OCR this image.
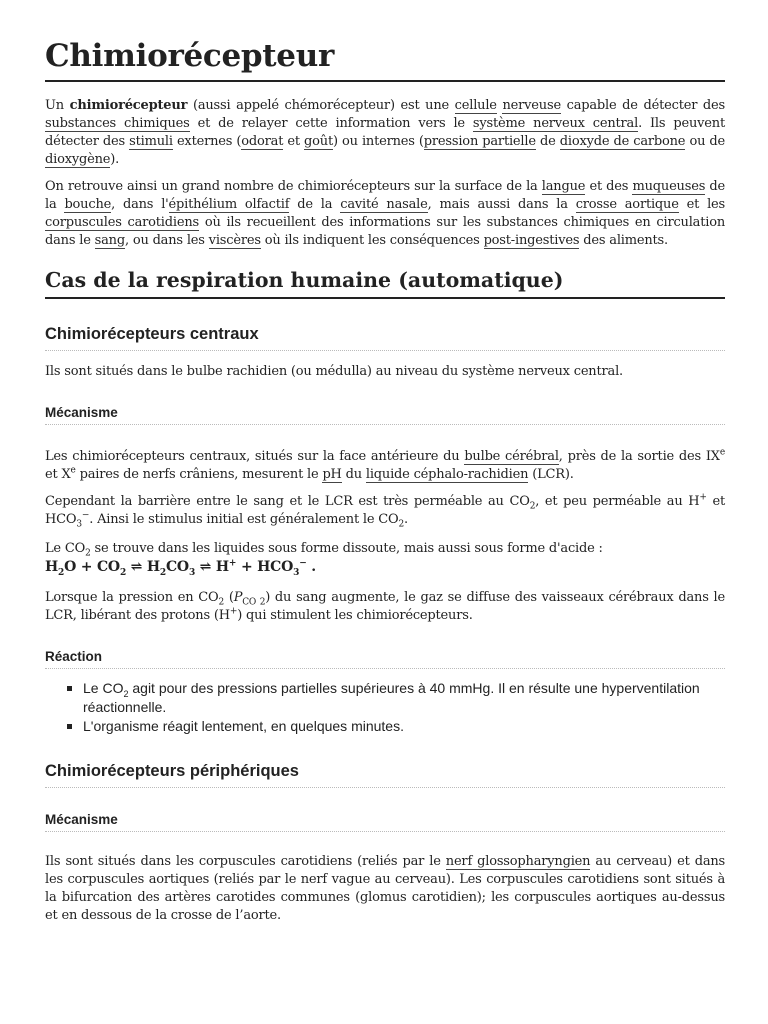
Chimiorécepteur

Un chimiorécepteur (aussi appelé chémorécepteur) est une cellule nerveuse capable de détecter des substances chimiques et de relayer cette information vers le système nerveux central. Ils peuvent détecter des stimuli externes (odorat et goût) ou internes (pression partielle de dioxyde de carbone ou de dioxygène).

On retrouve ainsi un grand nombre de chimiorécepteurs sur la surface de la langue et des muqueuses de la bouche, dans l'épithélium olfactif de la cavité nasale, mais aussi dans la crosse aortique et les corpuscules carotidiens où ils recueillent des informations sur les substances chimiques en circulation dans le sang, ou dans les viscères où ils indiquent les conséquences post-ingestives des aliments.

Cas de la respiration humaine (automatique)
Chimiorécepteurs centraux

Ils sont situés dans le bulbe rachidien (ou médulla) au niveau du système nerveux central.

Mécanisme

Les chimiorécepteurs centraux, situés sur la face antérieure du bulbe cérébral, près de la sortie des IXe et Xe paires de nerfs crâniens, mesurent le pH du liquide céphalo-rachidien (LCR).

Cependant la barrière entre le sang et le LCR est très perméable au $CO_2$, et peu perméable au H+ et $HCO_3^-$. Ainsi le stimulus initial est généralement le $CO_2$.

Le $CO_2$ se trouve dans les liquides sous forme dissoute, mais aussi sous forme d'acide :
$H_2O + CO_2$ ⇌ $H_2CO_3$ ⇌ $H^+ + HCO_3^-$ .

Lorsque la pression en $CO_2$ $(P_{CO 2})$ du sang augmente, le gaz se diffuse des vaisseaux cérébraux dans le LCR, libérant des protons (H+) qui stimulent les chimiorécepteurs.

Réaction
Le $CO_2$ agit pour des pressions partielles supérieures à 40 mmHg. Il en résulte une hyperventilation réactionnelle.
L'organisme réagit lentement, en quelques minutes.
Chimiorécepteurs périphériques
Mécanisme

Ils sont situés dans les corpuscules carotidiens (reliés par le nerf glossopharyngien au cerveau) et dans les corpuscules aortiques (reliés par le nerf vague au cerveau). Les corpuscules carotidiens sont situés à la bifurcation des artères carotides communes (glomus carotidien); les corpuscules aortiques au-dessus et en dessous de la crosse de l’aorte.
